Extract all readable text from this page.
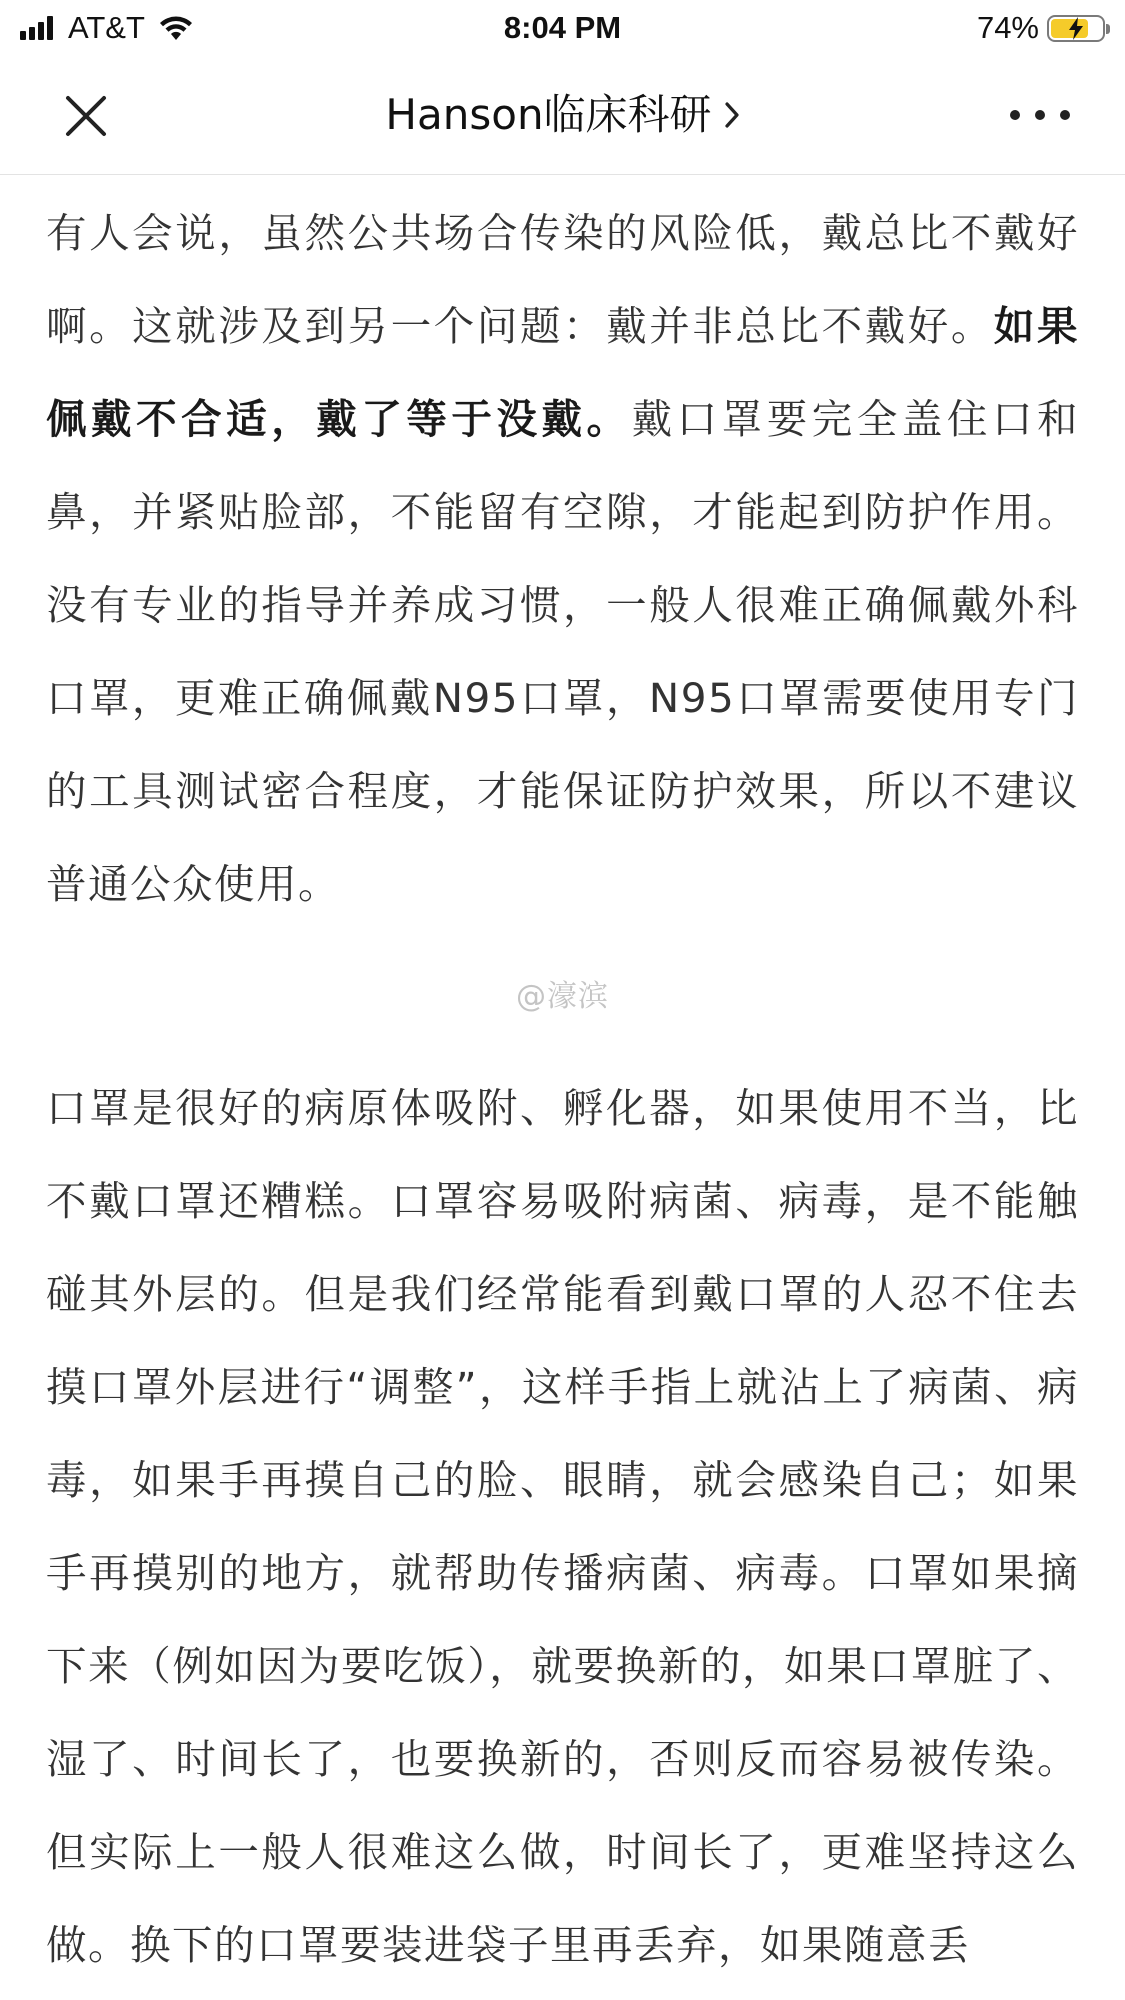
AT&T	8:04 PM	74%
Hanson临床科研

有人会说，虽然公共场合传染的风险低，戴总比不戴好啊。这就涉及到另一个问题：戴并非总比不戴好。如果佩戴不合适，戴了等于没戴。戴口罩要完全盖住口和鼻，并紧贴脸部，不能留有空隙，才能起到防护作用。没有专业的指导并养成习惯，一般人很难正确佩戴外科口罩，更难正确佩戴N95口罩，N95口罩需要使用专门的工具测试密合程度，才能保证防护效果，所以不建议普通公众使用。

@濠滨

口罩是很好的病原体吸附、孵化器，如果使用不当，比不戴口罩还糟糕。口罩容易吸附病菌、病毒，是不能触碰其外层的。但是我们经常能看到戴口罩的人忍不住去摸口罩外层进行“调整”，这样手指上就沾上了病菌、病毒，如果手再摸自己的脸、眼睛，就会感染自己；如果手再摸别的地方，就帮助传播病菌、病毒。口罩如果摘下来（例如因为要吃饭），就要换新的，如果口罩脏了、湿了、时间长了，也要换新的，否则反而容易被传染。但实际上一般人很难这么做，时间长了，更难坚持这么做。换下的口罩要装进袋子里再丢弃，如果随意丢
